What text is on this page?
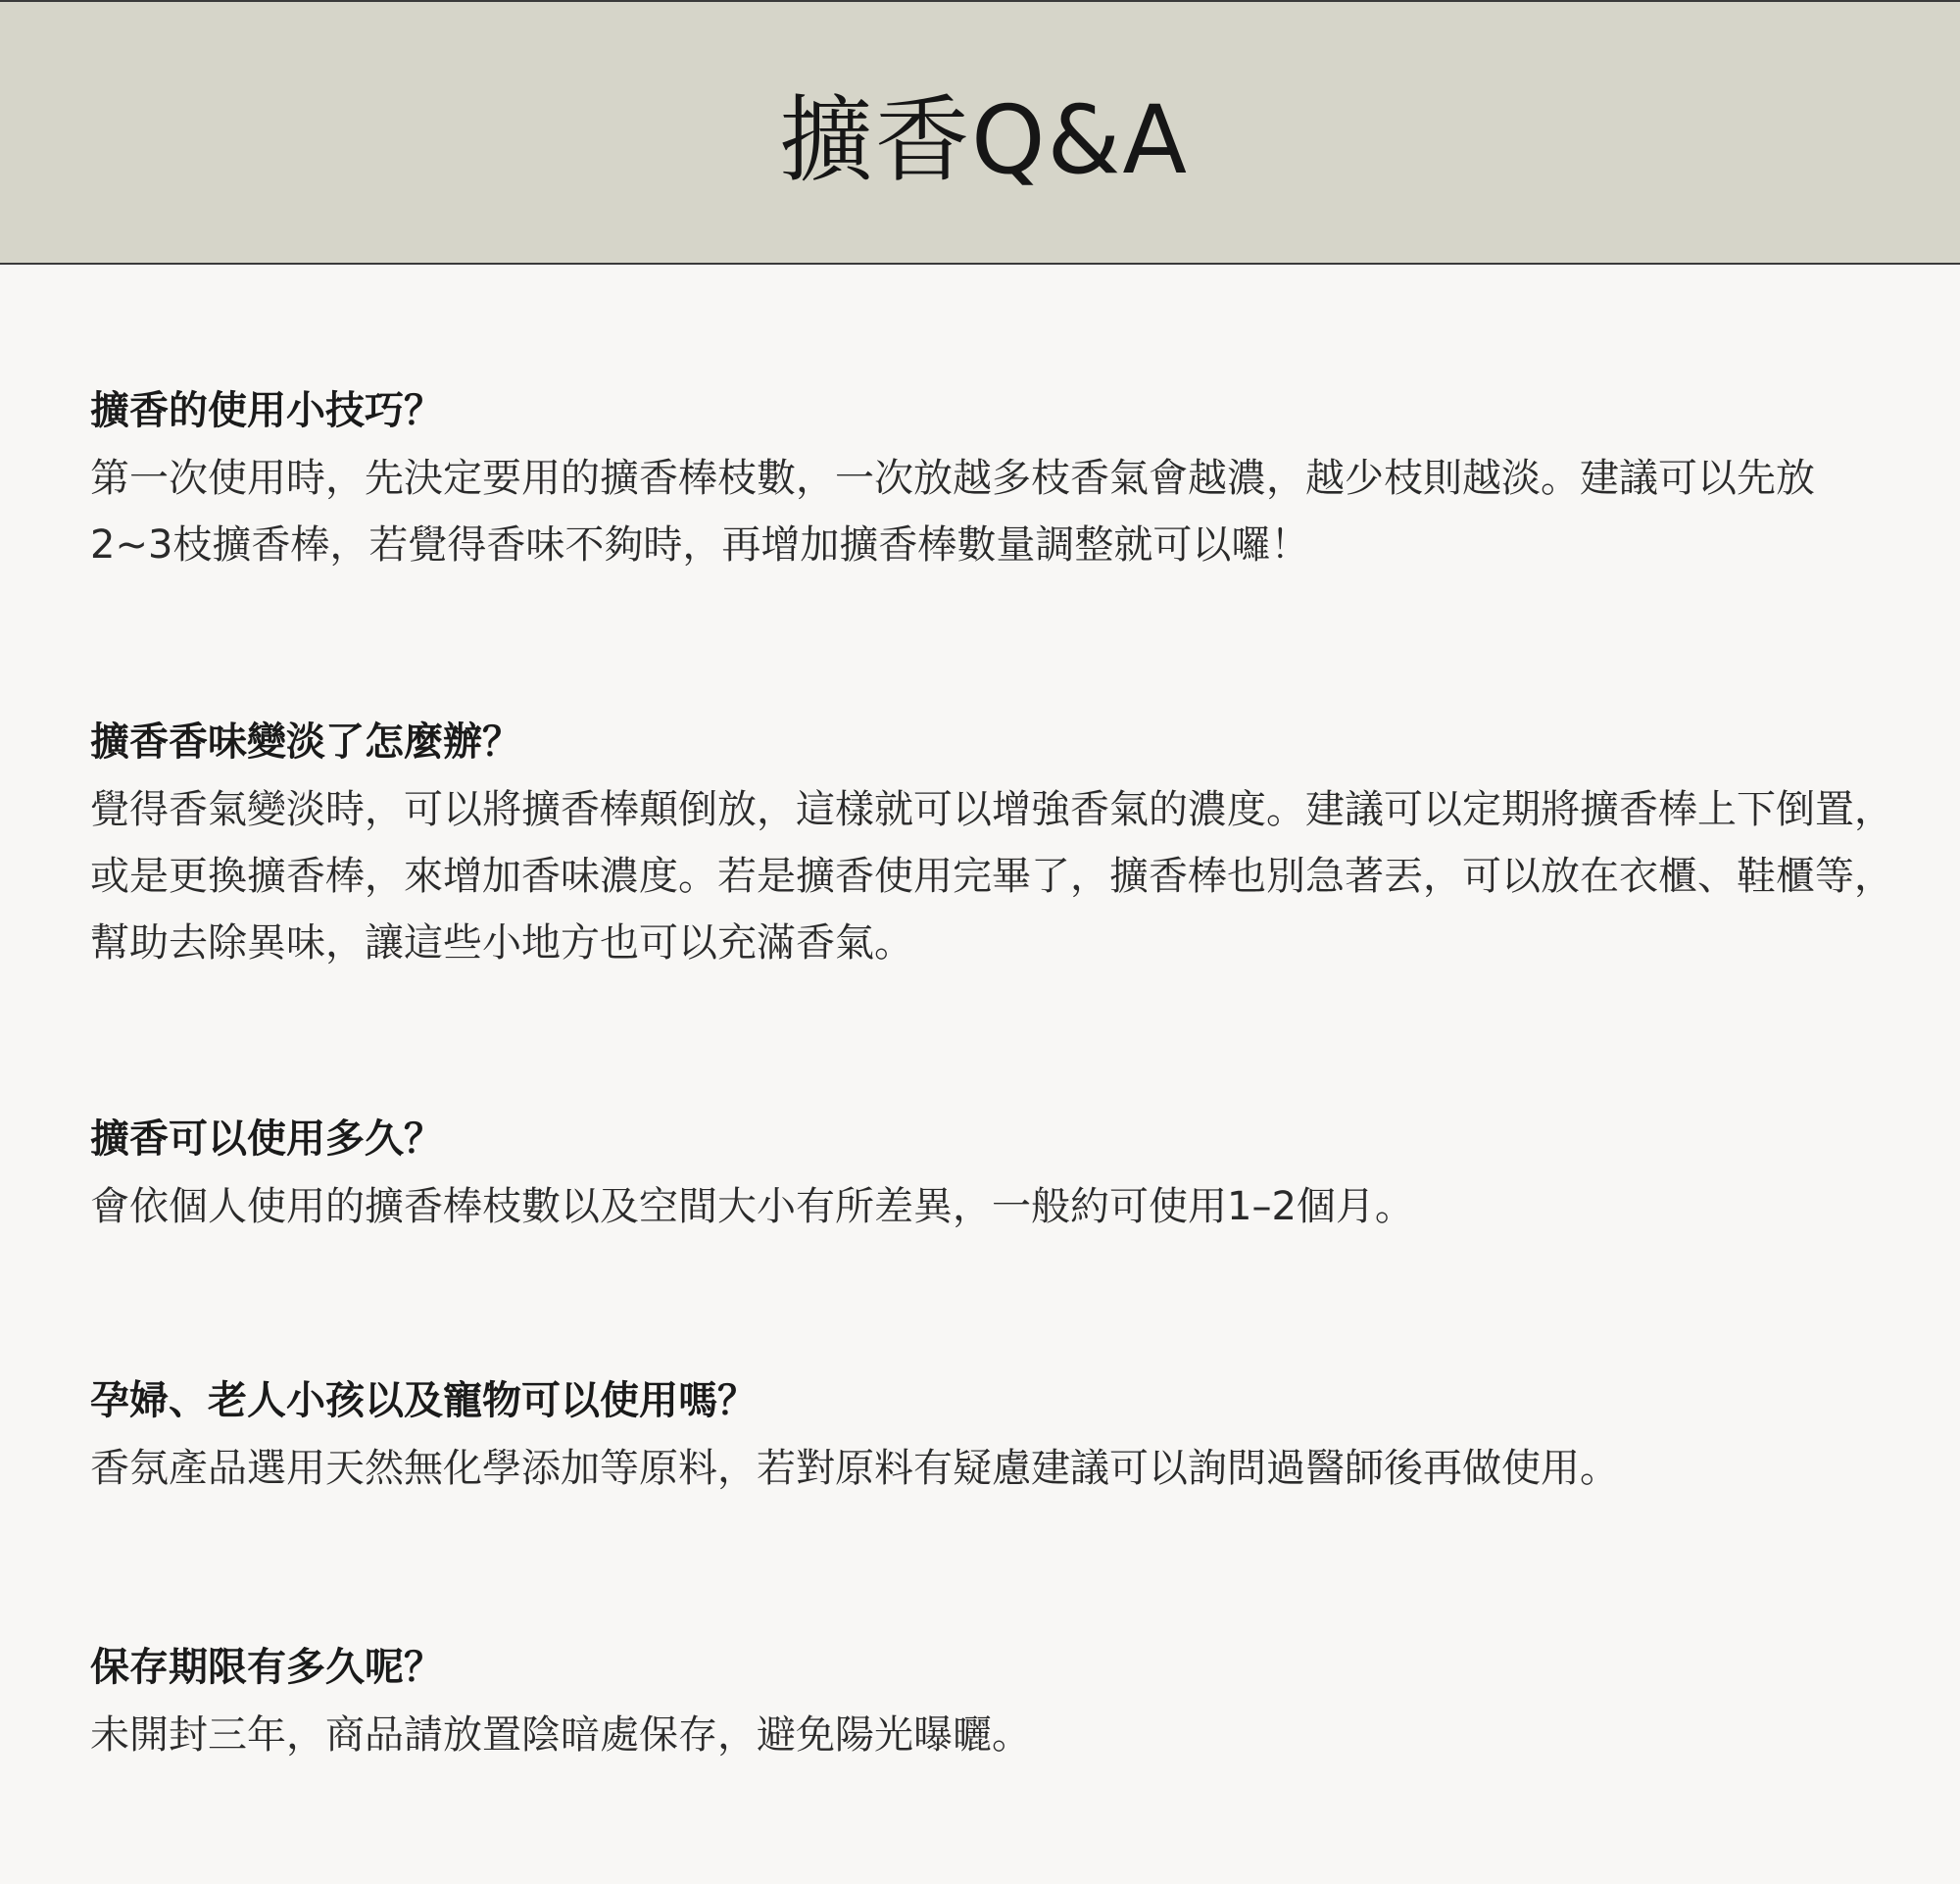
擴香Q&A

擴香的使用小技巧？

第一次使用時，先決定要用的擴香棒枝數，一次放越多枝香氣會越濃，越少枝則越淡。建議可以先放2~3枝擴香棒，若覺得香味不夠時，再增加擴香棒數量調整就可以囉！

擴香香味變淡了怎麼辦？

覺得香氣變淡時，可以將擴香棒顛倒放，這樣就可以增強香氣的濃度。建議可以定期將擴香棒上下倒置，或是更換擴香棒，來增加香味濃度。若是擴香使用完畢了，擴香棒也別急著丟，可以放在衣櫃、鞋櫃等，幫助去除異味，讓這些小地方也可以充滿香氣。

擴香可以使用多久？

會依個人使用的擴香棒枝數以及空間大小有所差異，一般約可使用1–2個月。

孕婦、老人小孩以及寵物可以使用嗎？

香氛產品選用天然無化學添加等原料，若對原料有疑慮建議可以詢問過醫師後再做使用。

保存期限有多久呢？

未開封三年，商品請放置陰暗處保存，避免陽光曝曬。
